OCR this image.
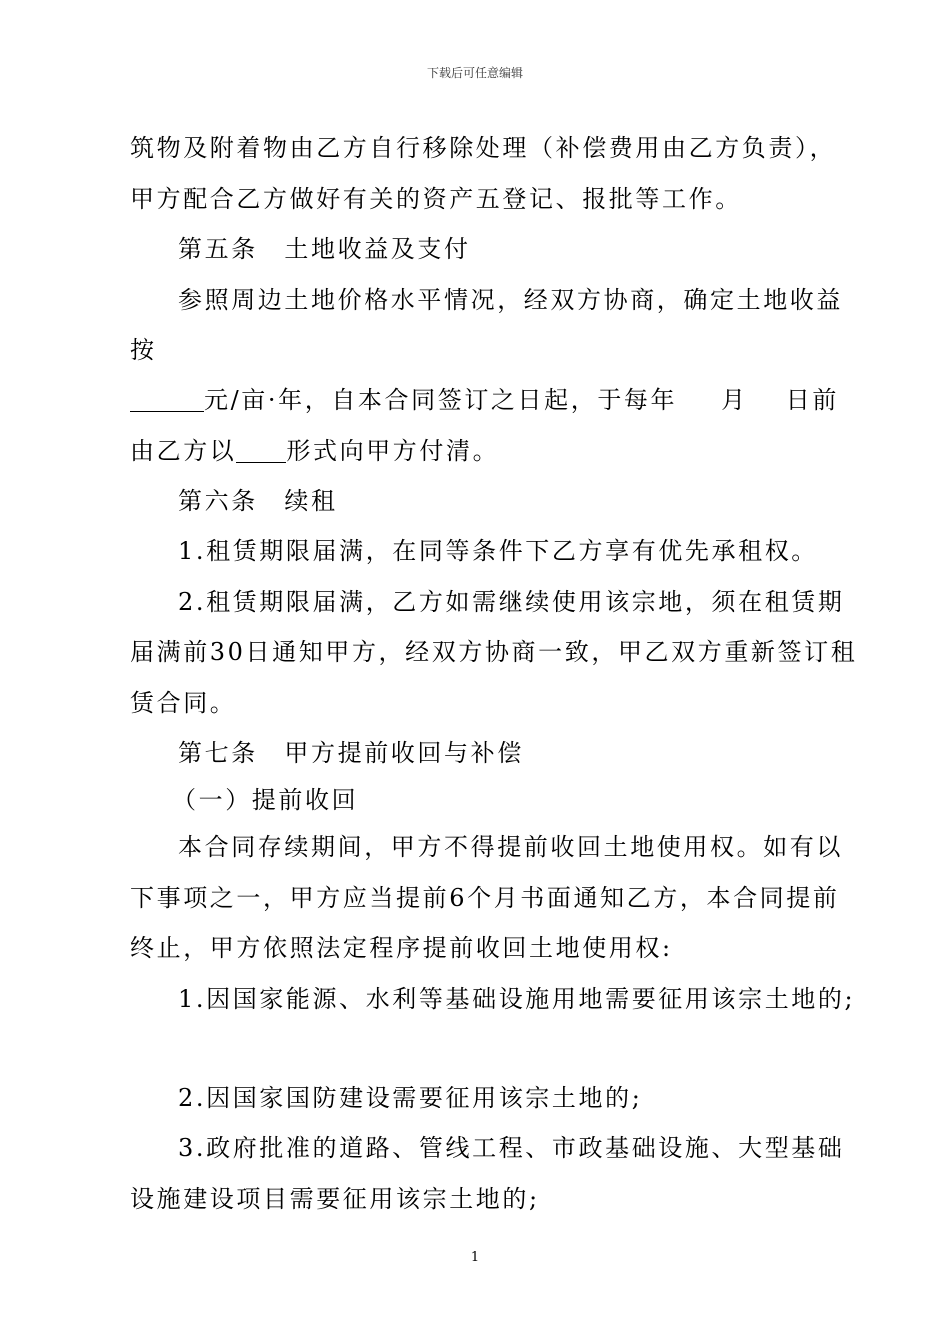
下载后可任意编辑
筑物及附着物由乙方自行移除处理（补偿费用由乙方负责），
甲方配合乙方做好有关的资产五登记、报批等工作。
第五条　土地收益及支付
参照周边土地价格水平情况，经双方协商，确定土地收益
按
元/亩·年，自本合同签订之日起，于每年 月 日前
由乙方以 形式向甲方付清。
第六条　续租
1.租赁期限届满，在同等条件下乙方享有优先承租权。
2.租赁期限届满，乙方如需继续使用该宗地，须在租赁期
届满前30日通知甲方，经双方协商一致，甲乙双方重新签订租
赁合同。
第七条　甲方提前收回与补偿
（一）提前收回
本合同存续期间，甲方不得提前收回土地使用权。如有以
下事项之一，甲方应当提前6个月书面通知乙方，本合同提前
终止，甲方依照法定程序提前收回土地使用权:
1.因国家能源、水利等基础设施用地需要征用该宗土地的;
2.因国家国防建设需要征用该宗土地的;
3.政府批准的道路、管线工程、市政基础设施、大型基础
设施建设项目需要征用该宗土地的;
1
